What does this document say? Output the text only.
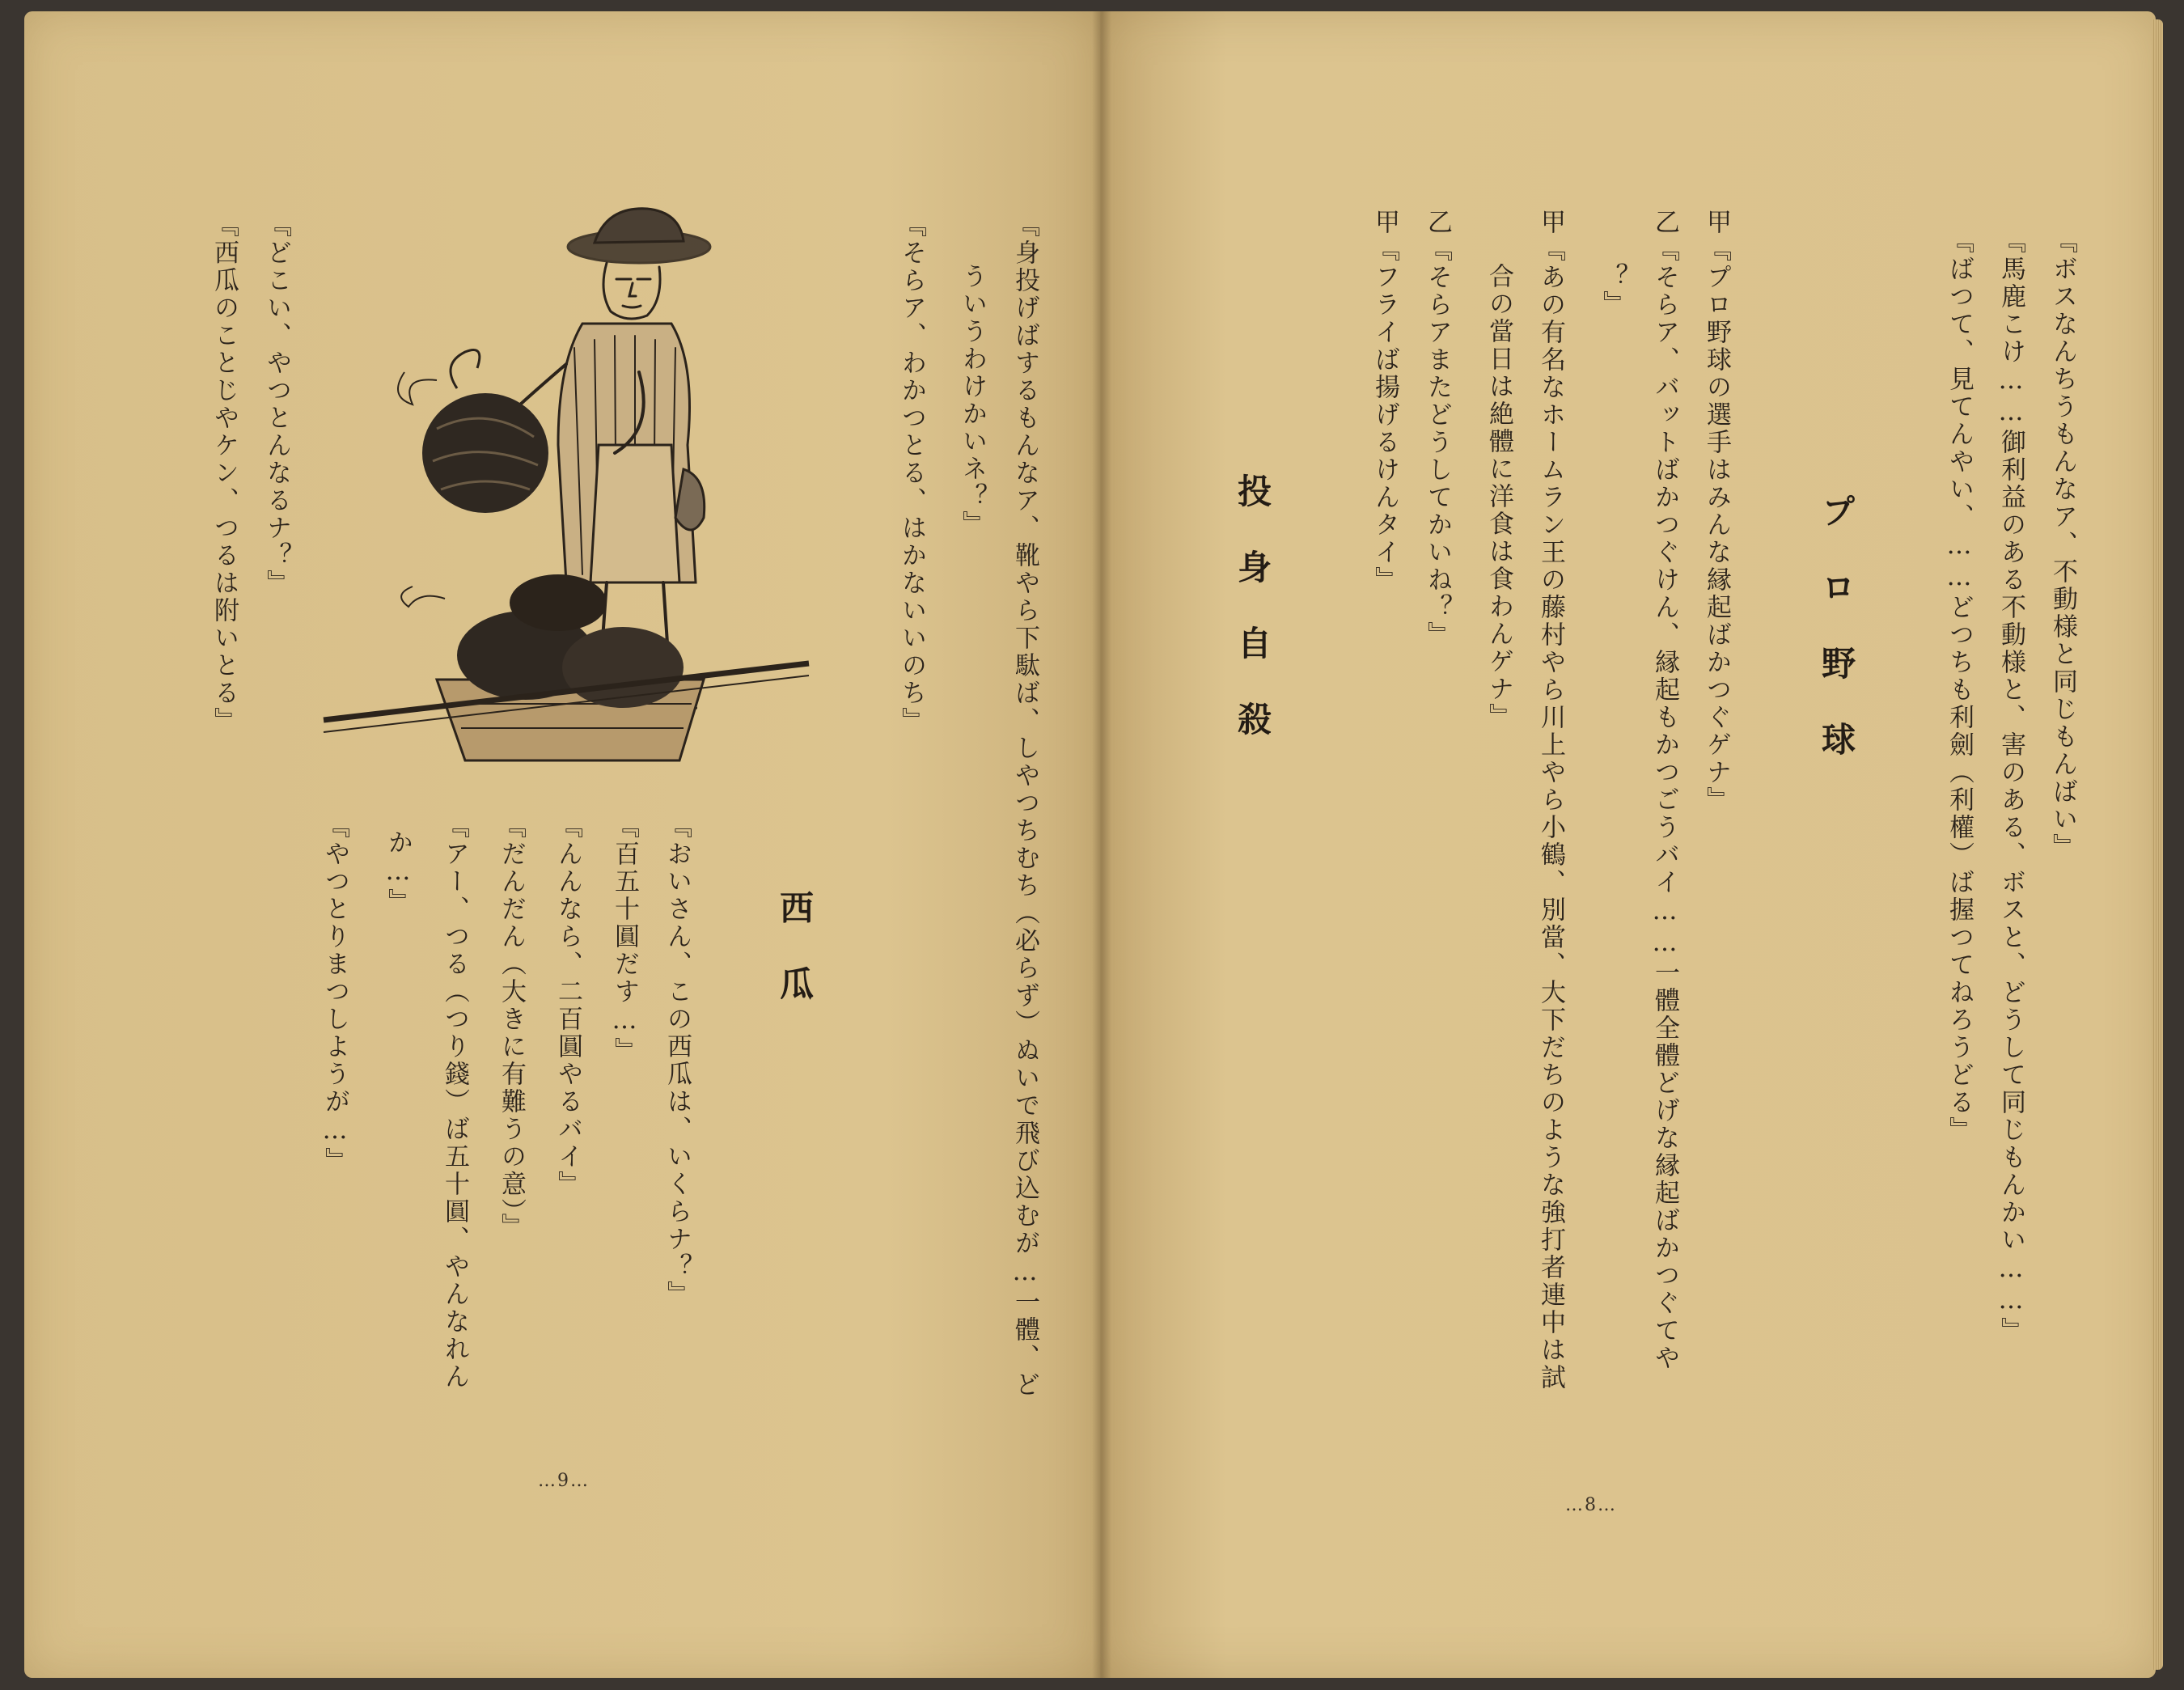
『ボスなんちうもんなア、不動様と同じもんばい』
『馬鹿こけ……御利益のある不動様と、害のある、ボスと、どうして同じもんかい……』
『ばつて、見てんやい、……どつちも利劍（利權）ば握つてねろうどる』
プロ野球
甲『プロ野球の選手はみんな縁起ばかつぐゲナ』
乙『そらア、バットばかつぐけん、縁起もかつごうバイ……一體全體どげな縁起ばかつぐてや
？』
甲『あの有名なホームラン王の藤村やら川上やら小鶴、別當、大下だちのような強打者連中は試
合の當日は絶體に洋食は食わんゲナ』
乙『そらアまたどうしてかいね？』
甲『フライば揚げるけんタイ』
投身自殺
…8…
『身投げばするもんなア、靴やら下駄ば、しやつちむち（必らず）ぬいで飛び込むが…一體、ど
ういうわけかいネ？』
『そらア、わかつとる、はかないいのち』
西瓜
『おいさん、この西瓜は、いくらナ？』
『百五十圓だす…』
『んんなら、二百圓やるバイ』
『だんだん（大きに有難うの意）』
『アー、つる（つり錢）ば五十圓、やんなれん
か…』
『やつとりまつしようが…』
『どこい、やつとんなるナ？』
『西瓜のことじやケン、つるは附いとる』
…9…
